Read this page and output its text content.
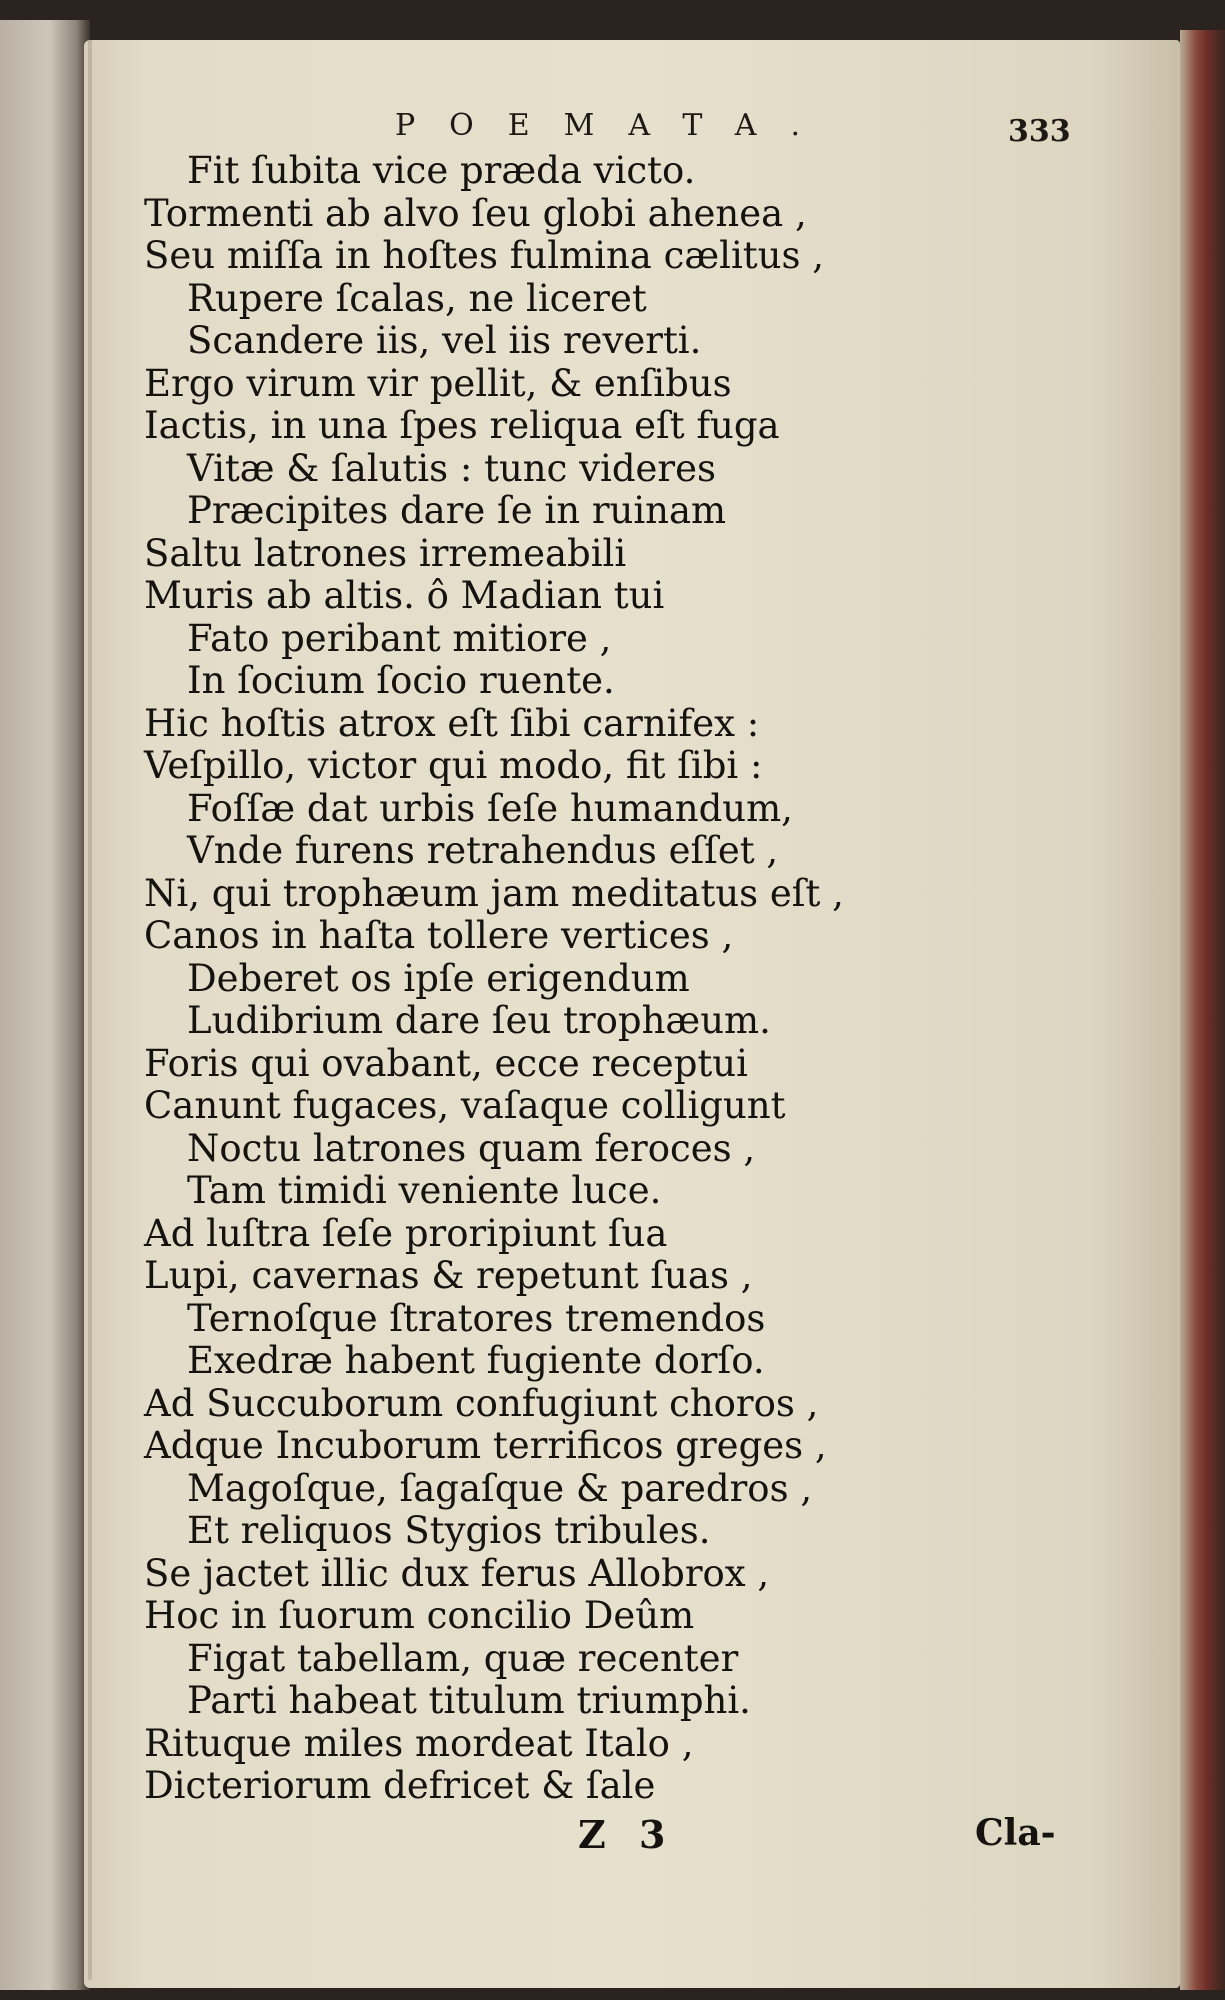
POEMATA.	333
Fit ſubita vice præda victo.
Tormenti ab alvo ſeu globi ahenea ,
Seu miſſa in hoſtes fulmina cælitus ,
Rupere ſcalas, ne liceret
Scandere iis, vel iis reverti.
Ergo virum vir pellit, & enſibus
Iactis, in una ſpes reliqua eſt fuga
Vitæ & ſalutis : tunc videres
Præcipites dare ſe in ruinam
Saltu latrones irremeabili
Muris ab altis. ô Madian tui
Fato peribant mitiore ,
In ſocium ſocio ruente.
Hic hoſtis atrox eſt ſibi carnifex :
Veſpillo, victor qui modo, fit ſibi :
Foſſæ dat urbis ſeſe humandum,
Vnde furens retrahendus eſſet ,
Ni, qui trophæum jam meditatus eſt ,
Canos in haſta tollere vertices ,
Deberet os ipſe erigendum
Ludibrium dare ſeu trophæum.
Foris qui ovabant, ecce receptui
Canunt fugaces, vaſaque colligunt
Noctu latrones quam feroces ,
Tam timidi veniente luce.
Ad luſtra ſeſe proripiunt ſua
Lupi, cavernas & repetunt ſuas ,
Ternoſque ſtratores tremendos
Exedræ habent fugiente dorſo.
Ad Succuborum confugiunt choros ,
Adque Incuborum terrificos greges ,
Magoſque, ſagaſque & paredros ,
Et reliquos Stygios tribules.
Se jactet illic dux ferus Allobrox ,
Hoc in ſuorum concilio Deûm
Figat tabellam, quæ recenter
Parti habeat titulum triumphi.
Rituque miles mordeat Italo ,
Dicteriorum defricet & ſale
Z 3	Cla-
